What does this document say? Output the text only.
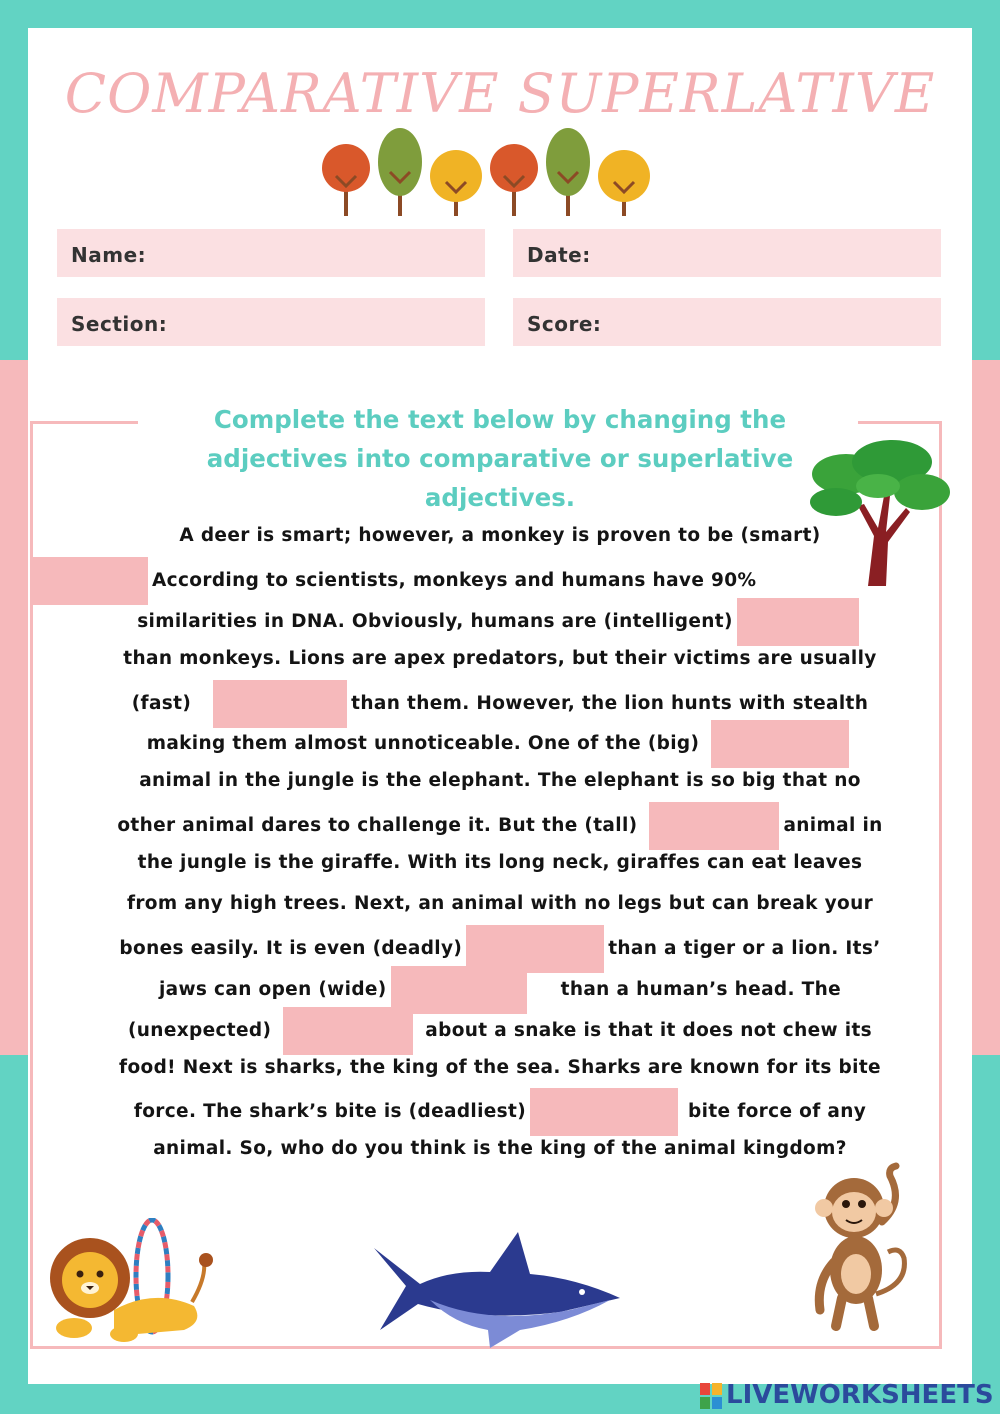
COMPARATIVE SUPERLATIVE
Name:	Date:
Section:	Score:
Complete the text below by changing the adjectives into comparative or superlative adjectives.
A deer is smart; however, a monkey is proven to be (smart)
According to scientists, monkeys and humans have 90%
similarities in DNA. Obviously, humans are (intelligent)
than monkeys. Lions are apex predators, but their victims are usually
(fast)	than them. However, the lion hunts with stealth
making them almost unnoticeable. One of the (big)
animal in the jungle is the elephant. The elephant is so big that no
other animal dares to challenge it. But the (tall)	animal in
the jungle is the giraffe. With its long neck, giraffes can eat leaves
from any high trees. Next, an animal with no legs but can break your
bones easily. It is even (deadly)	than a tiger or a lion. Its’
jaws can open (wide)	than a human’s head. The
(unexpected)	about a snake is that it does not chew its
food! Next is sharks, the king of the sea. Sharks are known for its bite
force. The shark’s bite is (deadliest)	bite force of any
animal. So, who do you think is the king of the animal kingdom?
LIVEWORKSHEETS
